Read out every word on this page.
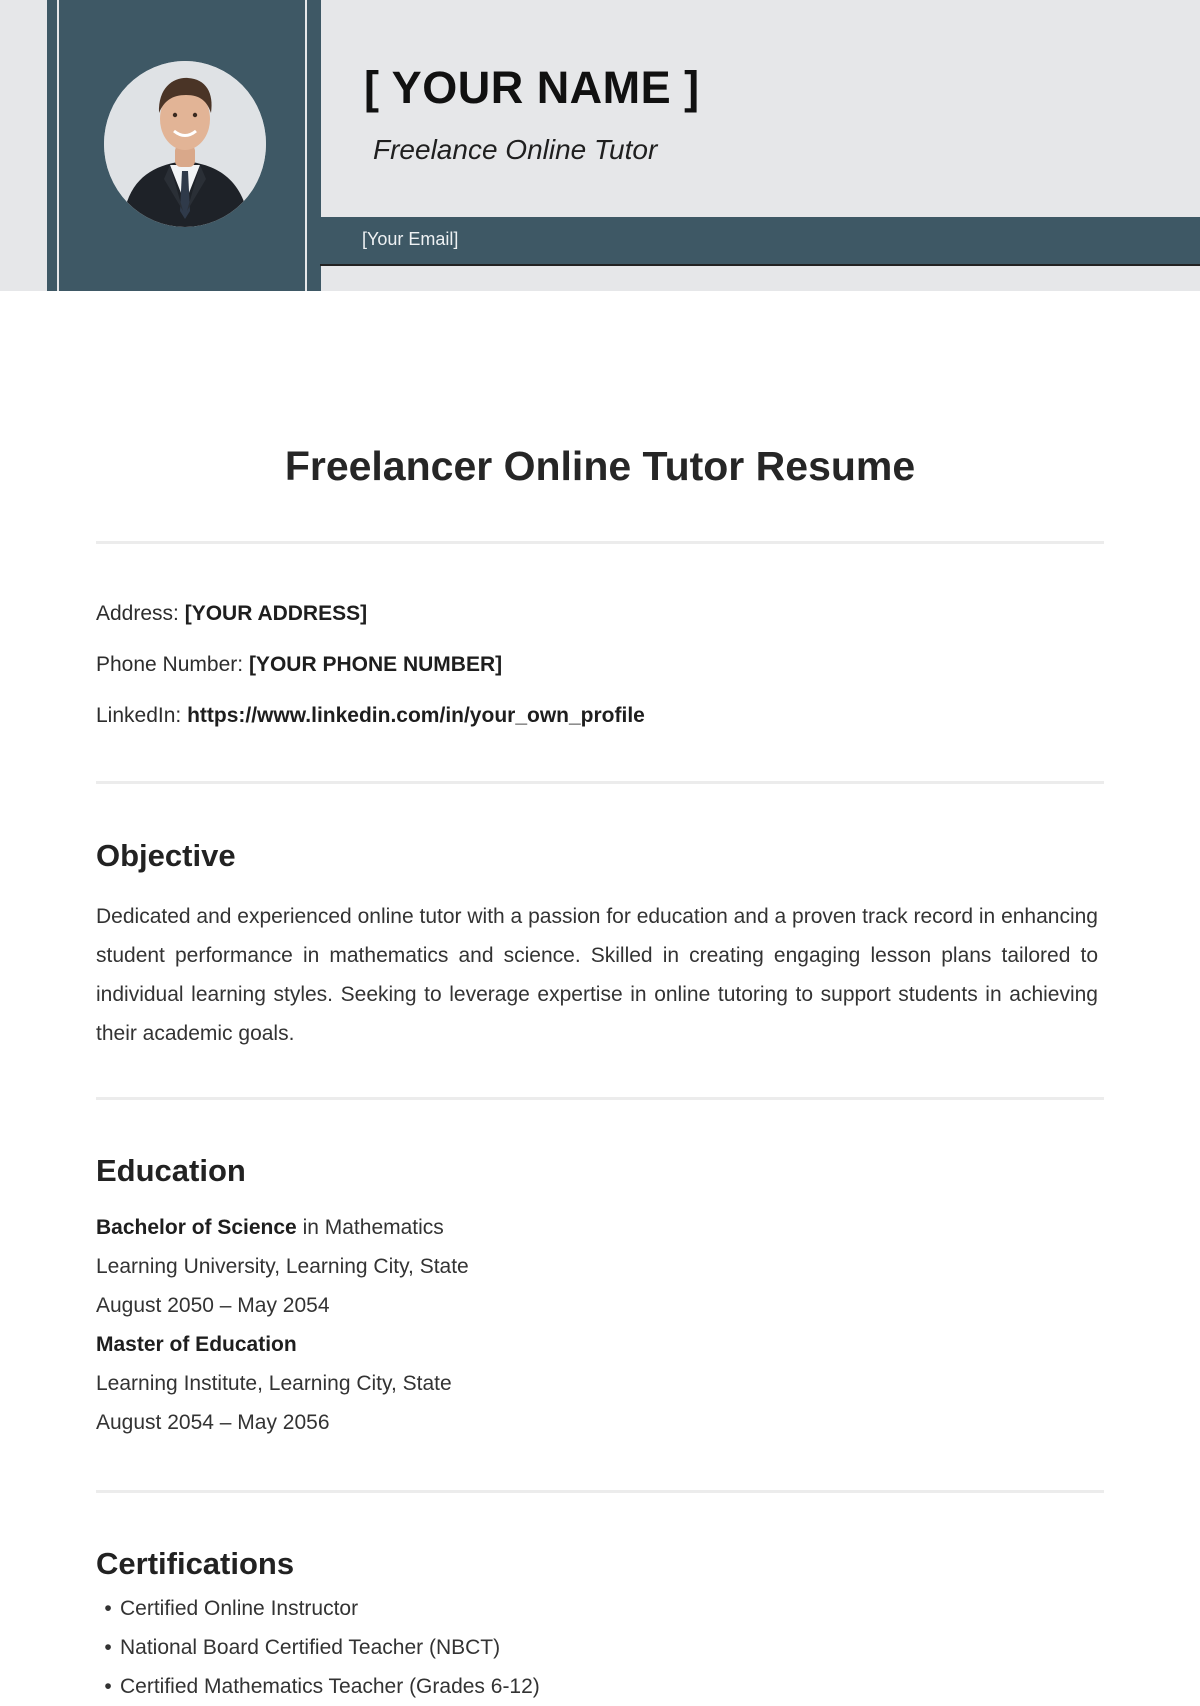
[ YOUR NAME ]
Freelance Online Tutor
[Your Email]
Freelancer Online Tutor Resume
Address: [YOUR ADDRESS]
Phone Number: [YOUR PHONE NUMBER]
LinkedIn: https://www.linkedin.com/in/your_own_profile
Objective
Dedicated and experienced online tutor with a passion for education and a proven track record in enhancing student performance in mathematics and science. Skilled in creating engaging lesson plans tailored to individual learning styles. Seeking to leverage expertise in online tutoring to support students in achieving their academic goals.
Education
Bachelor of Science in Mathematics
Learning University, Learning City, State
August 2050 – May 2054
Master of Education
Learning Institute, Learning City, State
August 2054 – May 2056
Certifications
• Certified Online Instructor
• National Board Certified Teacher (NBCT)
• Certified Mathematics Teacher (Grades 6-12)
